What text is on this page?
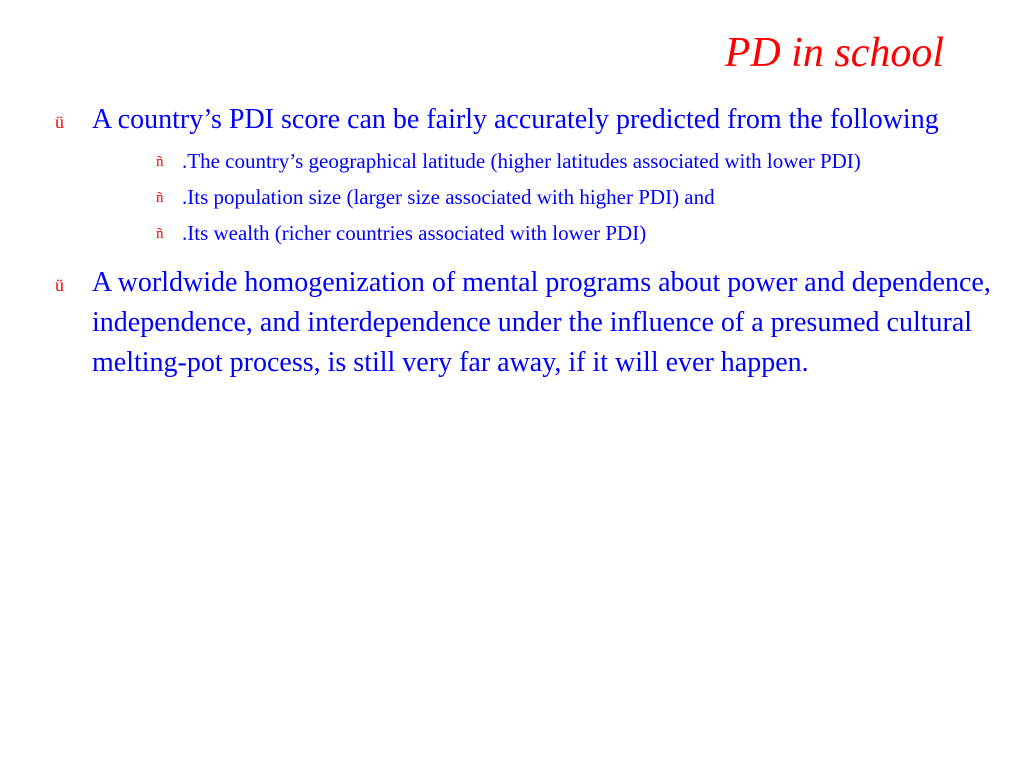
PD in school
ü A country’s PDI score can be fairly accurately predicted from the following
ñ .The country’s geographical latitude (higher latitudes associated with lower PDI)
ñ .Its population size (larger size associated with higher PDI) and
ñ .Its wealth (richer countries associated with lower PDI)
ü A worldwide homogenization of mental programs about power and dependence, independence, and interdependence under the influence of a presumed cultural melting-pot process, is still very far away, if it will ever happen.
